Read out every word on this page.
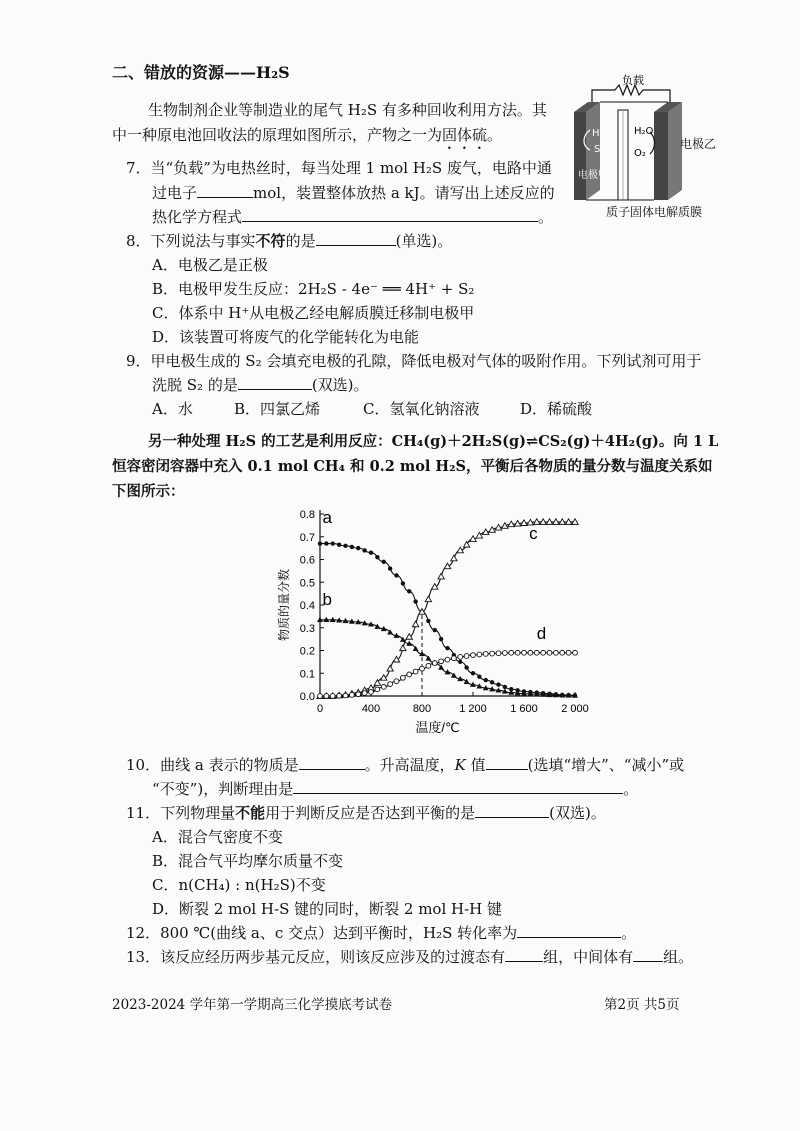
二、错放的资源——H₂S
生物制剂企业等制造业的尾气 H₂S 有多种回收利用方法。其
中一种原电池回收法的原理如图所示，产物之一为固体硫。
负载
H₂S
S₂
H₂O
O₂
电极甲
电极乙
质子固体电解质膜
7．当“负载”为电热丝时，每当处理 1 mol H₂S 废气，电路中通
过电子	mol，装置整体放热 a kJ。请写出上述反应的
热化学方程式	。
8．下列说法与事实不符的是	(单选)。
A．电极乙是正极
B．电极甲发生反应：2H₂S - 4e⁻ ══ 4H⁺ + S₂
C．体系中 H⁺从电极乙经电解质膜迁移制电极甲
D．该装置可将废气的化学能转化为电能
9．甲电极生成的 S₂ 会填充电极的孔隙，降低电极对气体的吸附作用。下列试剂可用于
洗脱 S₂ 的是	(双选)。
A．水	B．四氯乙烯	C．氢氧化钠溶液	D．稀硫酸
另一种处理 H₂S 的工艺是利用反应：CH₄(g)＋2H₂S(g)⇌CS₂(g)＋4H₂(g)。向 1 L
恒容密闭容器中充入 0.1 mol CH₄ 和 0.2 mol H₂S，平衡后各物质的量分数与温度关系如
下图所示：
0.0
0.1
0.2
0.3
0.4
0.5
0.6
0.7
0.8
0	400	800	1 200 1 600 2 000
a
b
c
d
物质的量分数
温度/℃
10．曲线 a 表示的物质是	。升高温度，K 值	(选填“增大”、“减小”或
“不变”)，判断理由是	。
11．下列物理量不能用于判断反应是否达到平衡的是	(双选)。
A．混合气密度不变
B．混合气平均摩尔质量不变
C．n(CH₄) : n(H₂S)不变
D．断裂 2 mol H-S 键的同时，断裂 2 mol H-H 键
12．800 ℃(曲线 a、c 交点）达到平衡时，H₂S 转化率为	。
13．该反应经历两步基元反应，则该反应涉及的过渡态有	组，中间体有 组。
2023-2024 学年第一学期高三化学摸底考试卷	第2页 共5页
